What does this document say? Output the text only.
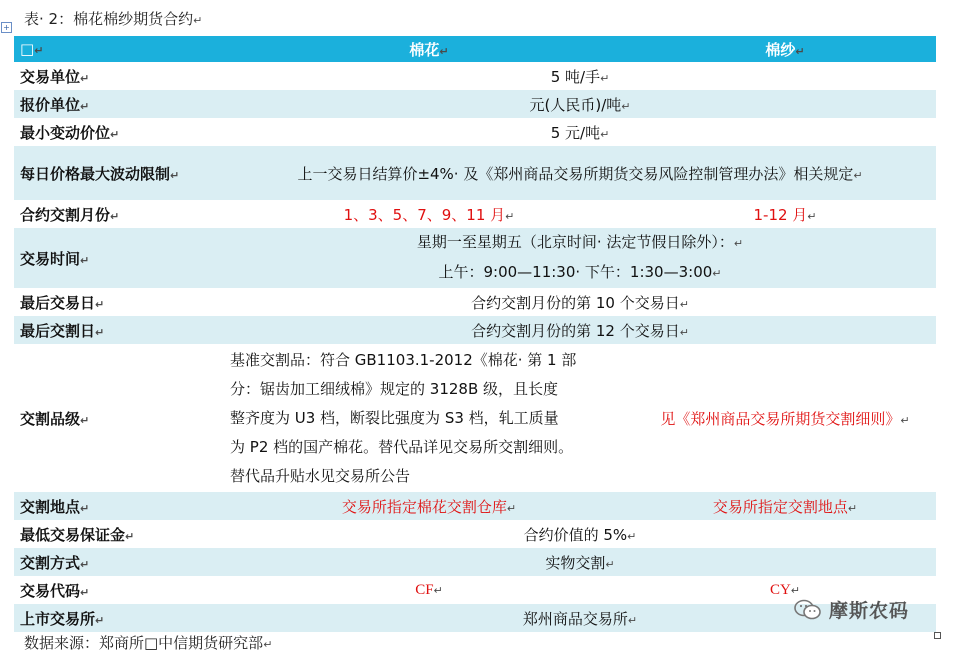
+ 表· 2：棉花棉纱期货合约↵
□↵	棉花↵	棉纱↵
交易单位↵	5 吨/手↵	
报价单位↵	元(人民币)/吨↵	
最小变动价位↵	5 元/吨↵	
每日价格最大波动限制↵	上一交易日结算价±4%· 及《郑州商品交易所期货交易风险控制管理办法》相关规定↵	
合约交割月份↵	1、3、5、7、9、11 月↵	1-12 月↵
交易时间↵	星期一至星期五（北京时间· 法定节假日除外）：↵
上午：9:00—11:30· 下午：1:30—3:00↵	

最后交易日↵	合约交割月份的第 10 个交易日↵	
最后交割日↵	合约交割月份的第 12 个交易日↵	
交割品级↵	基准交割品：符合 GB1103.1-2012《棉花· 第 1 部
分：锯齿加工细绒棉》规定的 3128B 级，且长度
整齐度为 U3 档，断裂比强度为 S3 档，轧工质量
为 P2 档的国产棉花。替代品详见交易所交割细则。
替代品升贴水见交易所公告	见《郑州商品交易所期货交割细则》↵
交割地点↵	交易所指定棉花交割仓库↵	交易所指定交割地点↵
最低交易保证金↵	合约价值的 5%↵	
交割方式↵	实物交割↵	
交易代码↵	CF↵	CY↵
上市交易所↵	郑州商品交易所↵	
数据来源：郑商所□中信期货研究部↵
摩斯农码
